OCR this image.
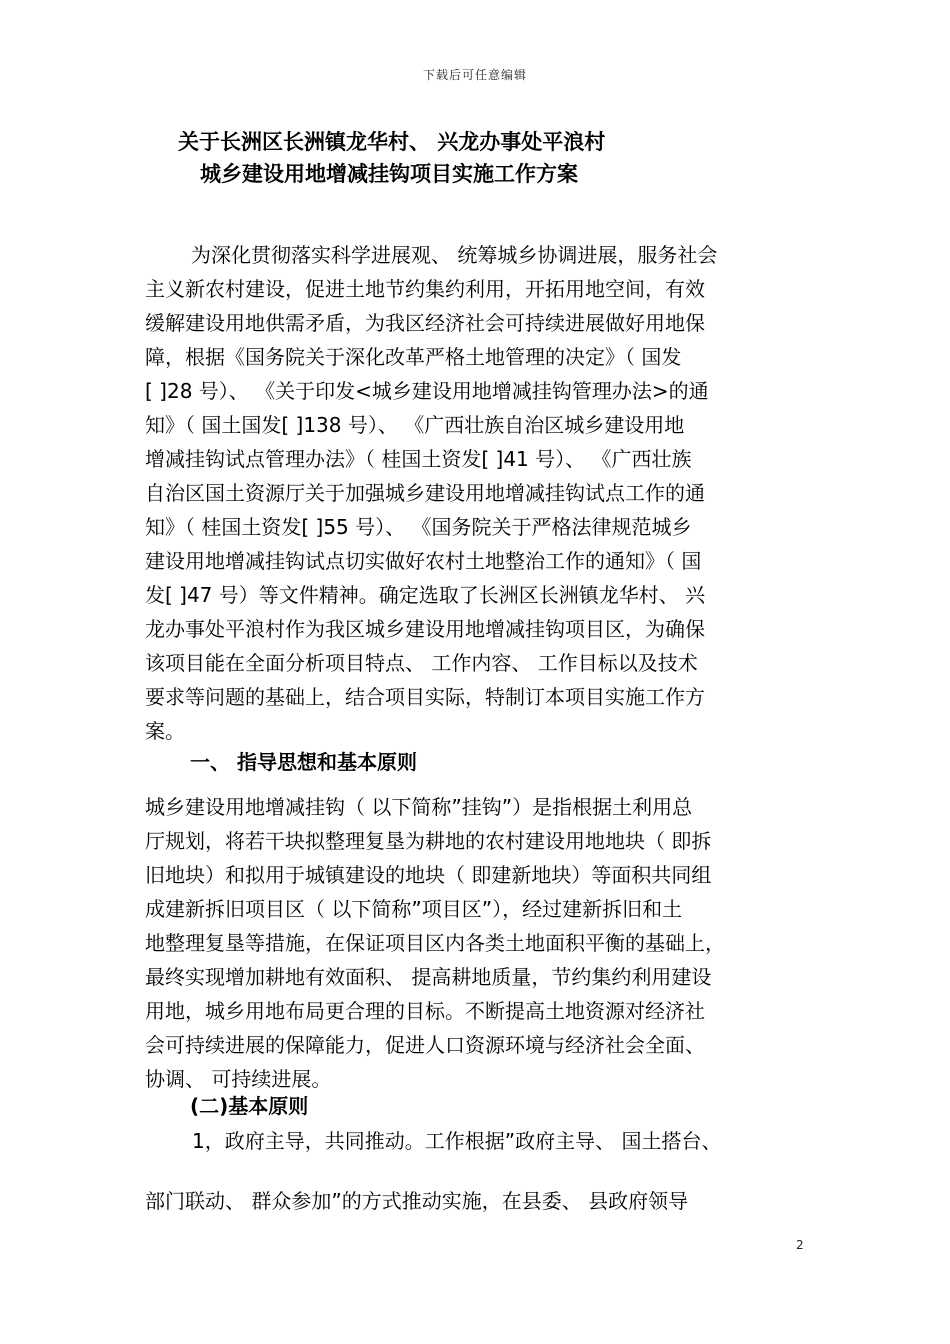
下载后可任意编辑
关于长洲区长洲镇龙华村、 兴龙办事处平浪村
城乡建设用地增减挂钩项目实施工作方案
为深化贯彻落实科学进展观、 统筹城乡协调进展，服务社会
主义新农村建设，促进土地节约集约利用，开拓用地空间，有效
缓解建设用地供需矛盾，为我区经济社会可持续进展做好用地保
障，根据《国务院关于深化改革严格土地管理的决定》（ 国发
[ ]28 号）、 《关于印发<城乡建设用地增减挂钩管理办法>的通
知》（ 国土国发[ ]138 号）、 《广西壮族自治区城乡建设用地
增减挂钩试点管理办法》（ 桂国土资发[ ]41 号）、 《广西壮族
自治区国土资源厅关于加强城乡建设用地增减挂钩试点工作的通
知》（ 桂国土资发[ ]55 号）、 《国务院关于严格法律规范城乡
建设用地增减挂钩试点切实做好农村土地整治工作的通知》（ 国
发[ ]47 号）等文件精神。确定选取了长洲区长洲镇龙华村、 兴
龙办事处平浪村作为我区城乡建设用地增减挂钩项目区，为确保
该项目能在全面分析项目特点、 工作内容、 工作目标以及技术
要求等问题的基础上，结合项目实际，特制订本项目实施工作方
案。
一、 指导思想和基本原则
城乡建设用地增减挂钩（ 以下简称”挂钩”）是指根据土利用总
厅规划，将若干块拟整理复垦为耕地的农村建设用地地块（ 即拆
旧地块）和拟用于城镇建设的地块（ 即建新地块）等面积共同组
成建新拆旧项目区（ 以下简称”项目区”），经过建新拆旧和土
地整理复垦等措施，在保证项目区内各类土地面积平衡的基础上，
最终实现增加耕地有效面积、 提高耕地质量，节约集约利用建设
用地，城乡用地布局更合理的目标。不断提高土地资源对经济社
会可持续进展的保障能力，促进人口资源环境与经济社会全面、
协调、 可持续进展。
(二)基本原则
1，政府主导，共同推动。工作根据”政府主导、 国土搭台、
部门联动、 群众参加”的方式推动实施，在县委、 县政府领导
2
